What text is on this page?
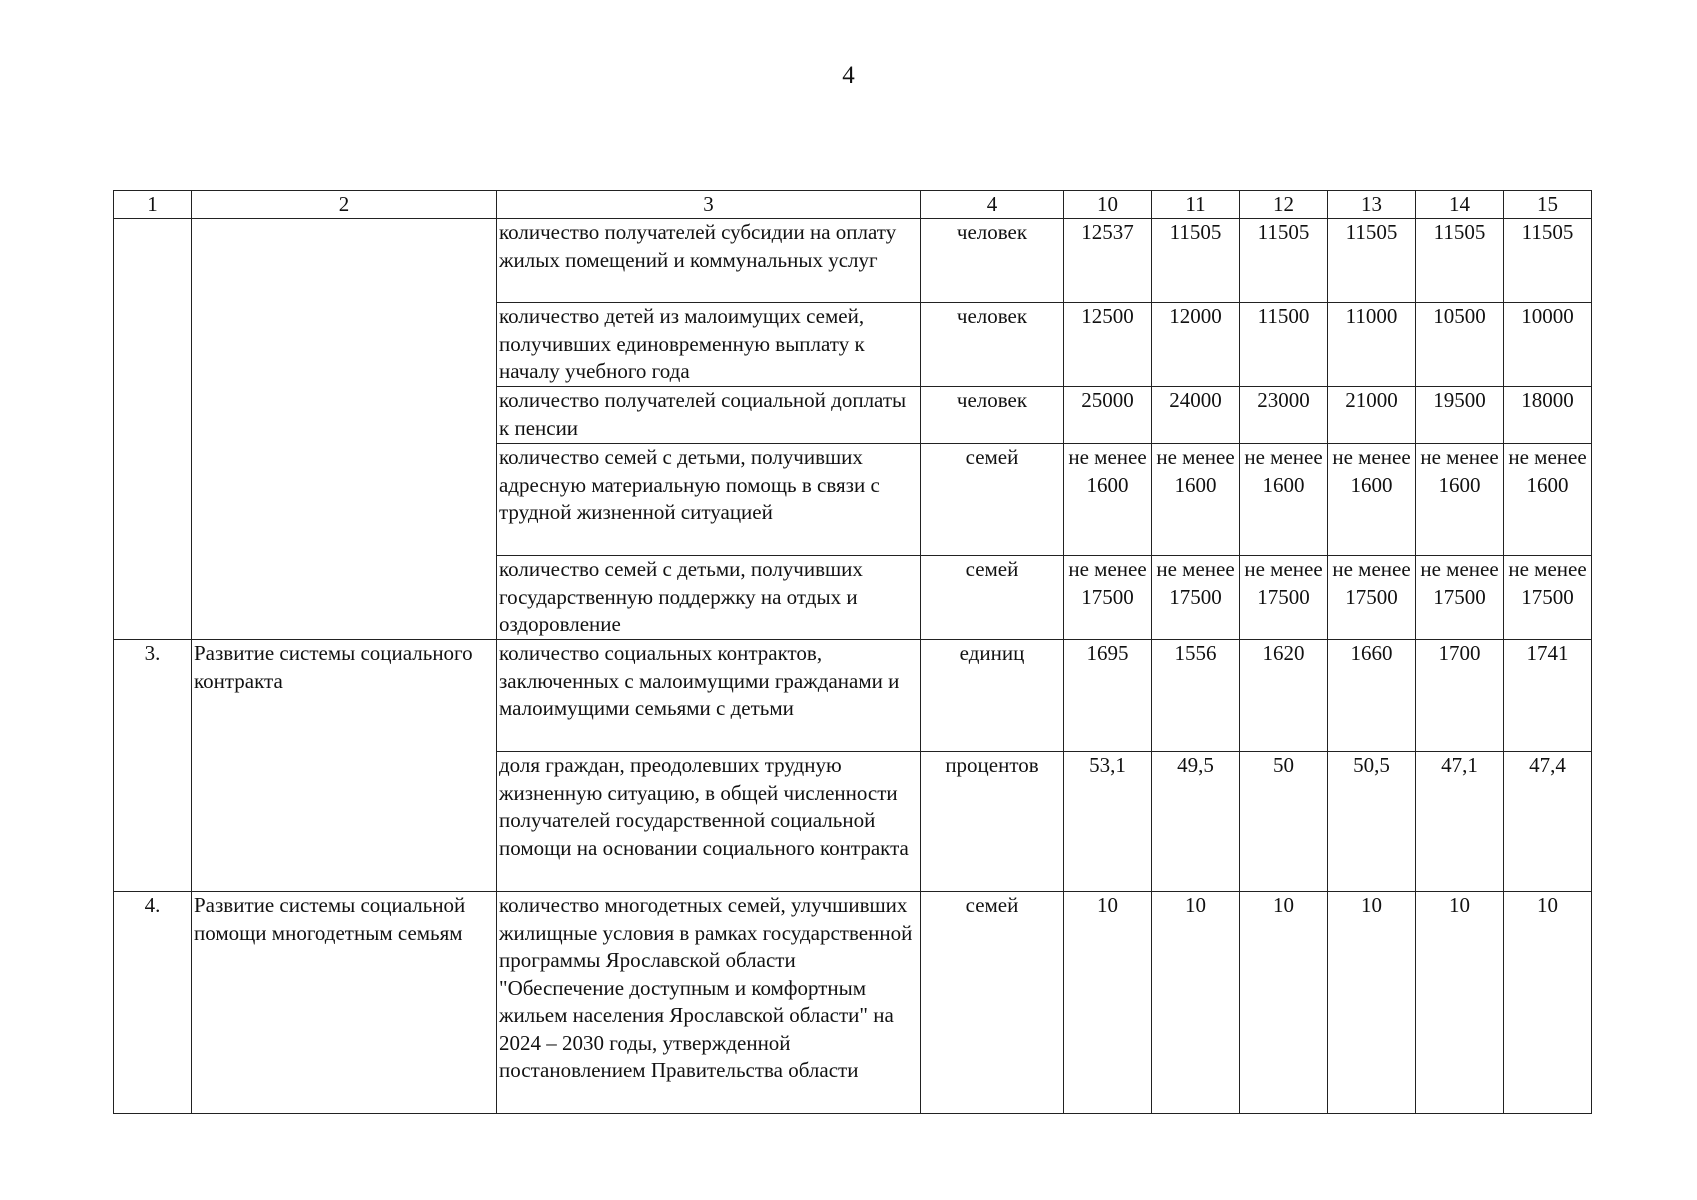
4
1	2	3	4	10	11	12	13	14	15
		количество получателей субсидии на оплату жилых помещений и коммунальных услуг	человек	12537	11505	11505	11505	11505	11505
		количество детей из малоимущих семей, получивших единовременную выплату к началу учебного года	человек	12500	12000	11500	11000	10500	10000
		количество получателей социальной доплаты к пенсии	человек	25000	24000	23000	21000	19500	18000
		количество семей с детьми, получивших адресную материальную помощь в связи с трудной жизненной ситуацией	семей	не менее 1600	не менее 1600	не менее 1600	не менее 1600	не менее 1600	не менее 1600
		количество семей с детьми, получивших государственную поддержку на отдых и оздоровление	семей	не менее 17500	не менее 17500	не менее 17500	не менее 17500	не менее 17500	не менее 17500
3.	Развитие системы социального контракта	количество социальных контрактов, заключенных с малоимущими гражданами и малоимущими семьями с детьми	единиц	1695	1556	1620	1660	1700	1741
		доля граждан, преодолевших трудную жизненную ситуацию, в общей численности получателей государственной социальной помощи на основании социального контракта	процентов	53,1	49,5	50	50,5	47,1	47,4
4.	Развитие системы социальной помощи многодетным семьям	количество многодетных семей, улучшивших жилищные условия в рамках государственной программы Ярославской области "Обеспечение доступным и комфортным жильем населения Ярославской области" на 2024 – 2030 годы, утвержденной постановлением Правительства области	семей	10	10	10	10	10	10
